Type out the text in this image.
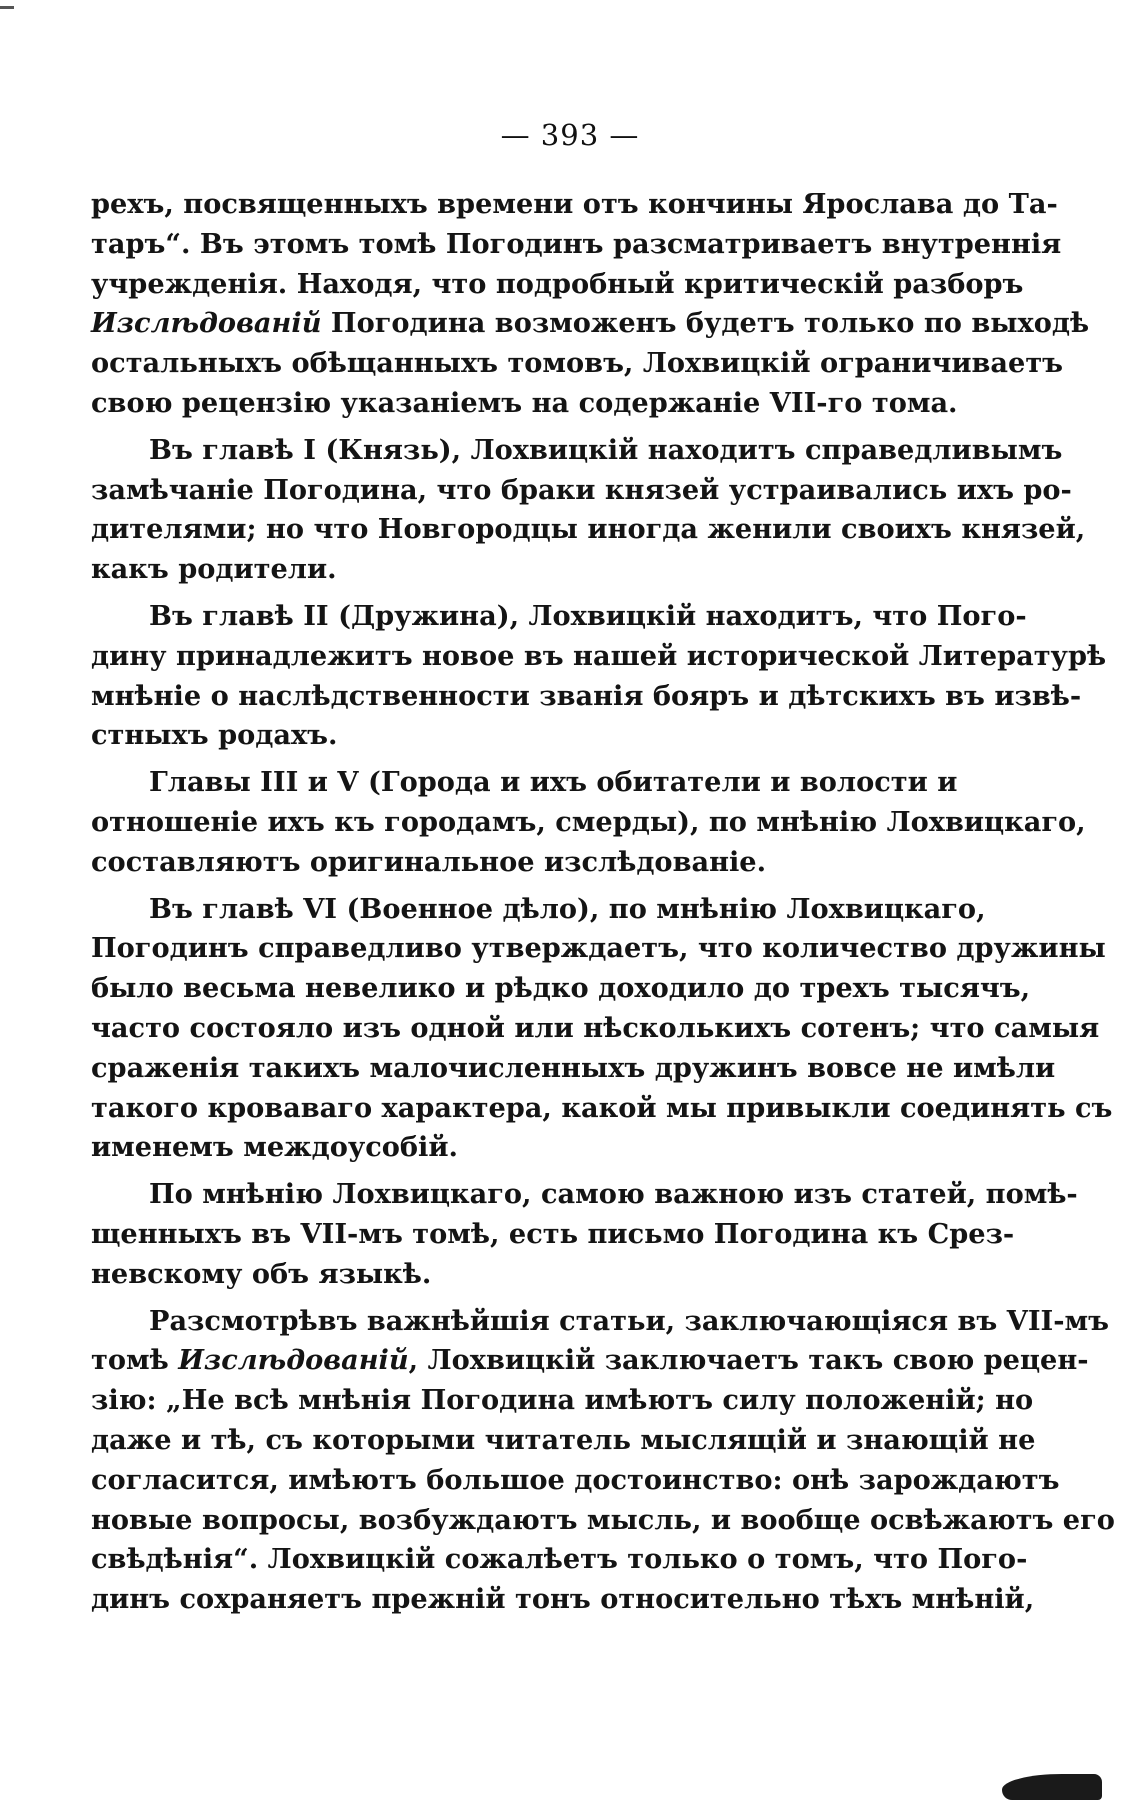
— 393 —
рехъ, посвященныхъ времени отъ кончины Ярослава до Та-
таръ“. Въ этомъ томѣ Погодинъ разсматриваетъ внутреннія
учрежденія. Находя, что подробный критическій разборъ
Изслѣдованій Погодина возможенъ будетъ только по выходѣ
остальныхъ обѣщанныхъ томовъ, Лохвицкій ограничиваетъ
свою рецензію указаніемъ на содержаніе VII-го тома.
Въ главѣ I (Князь), Лохвицкій находитъ справедливымъ
замѣчаніе Погодина, что браки князей устраивались ихъ ро-
дителями; но что Новгородцы иногда женили своихъ князей,
какъ родители.
Въ главѣ II (Дружина), Лохвицкій находитъ, что Пого-
дину принадлежитъ новое въ нашей исторической Литературѣ
мнѣніе о наслѣдственности званія бояръ и дѣтскихъ въ извѣ-
стныхъ родахъ.
Главы III и V (Города и ихъ обитатели и волости и
отношеніе ихъ къ городамъ, смерды), по мнѣнію Лохвицкаго,
составляютъ оригинальное изслѣдованіе.
Въ главѣ VI (Военное дѣло), по мнѣнію Лохвицкаго,
Погодинъ справедливо утверждаетъ, что количество дружины
было весьма невелико и рѣдко доходило до трехъ тысячъ,
часто состояло изъ одной или нѣсколькихъ сотенъ; что самыя
сраженія такихъ малочисленныхъ дружинъ вовсе не имѣли
такого кроваваго характера, какой мы привыкли соединять съ
именемъ междоусобій.
По мнѣнію Лохвицкаго, самою важною изъ статей, помѣ-
щенныхъ въ VII-мъ томѣ, есть письмо Погодина къ Срез-
невскому объ языкѣ.
Разсмотрѣвъ важнѣйшія статьи, заключающіяся въ VII-мъ
томѣ Изслѣдованій, Лохвицкій заключаетъ такъ свою рецен-
зію: „Не всѣ мнѣнія Погодина имѣютъ силу положеній; но
даже и тѣ, съ которыми читатель мыслящій и знающій не
согласится, имѣютъ большое достоинство: онѣ зарождаютъ
новые вопросы, возбуждаютъ мысль, и вообще освѣжаютъ его
свѣдѣнія“. Лохвицкій сожалѣетъ только о томъ, что Пого-
динъ сохраняетъ прежній тонъ относительно тѣхъ мнѣній,
